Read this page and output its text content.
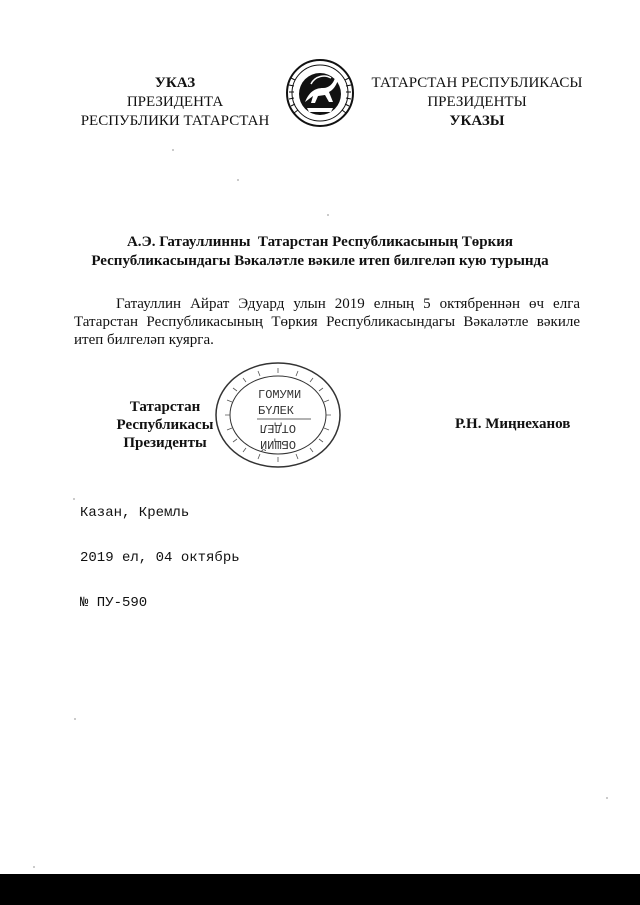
УКАЗ
ПРЕЗИДЕНТА
РЕСПУБЛИКИ ТАТАРСТАН
ТАТАРСТАН РЕСПУБЛИКАСЫ
ПРЕЗИДЕНТЫ
УКАЗЫ
А.Э. Гатауллинны  Татарстан Республикасының Төркия
Республикасындагы Вәкаләтле вәкиле итеп билгеләп кую турында
Гатауллин Айрат Эдуард улын 2019 елның 5 октябреннән өч елга Татарстан Республикасының Төркия Республикасындагы Вәкаләтле вәкиле итеп билгеләп куярга.
Татарстан Республикасы
Президенты
ГОМУМИ
БҮЛЕК
ОТДЕЛ
ОБЩИЙ
Р.Н. Миңнеханов

Казан, Кремль

2019 ел, 04 октябрь

№ ПУ-590
